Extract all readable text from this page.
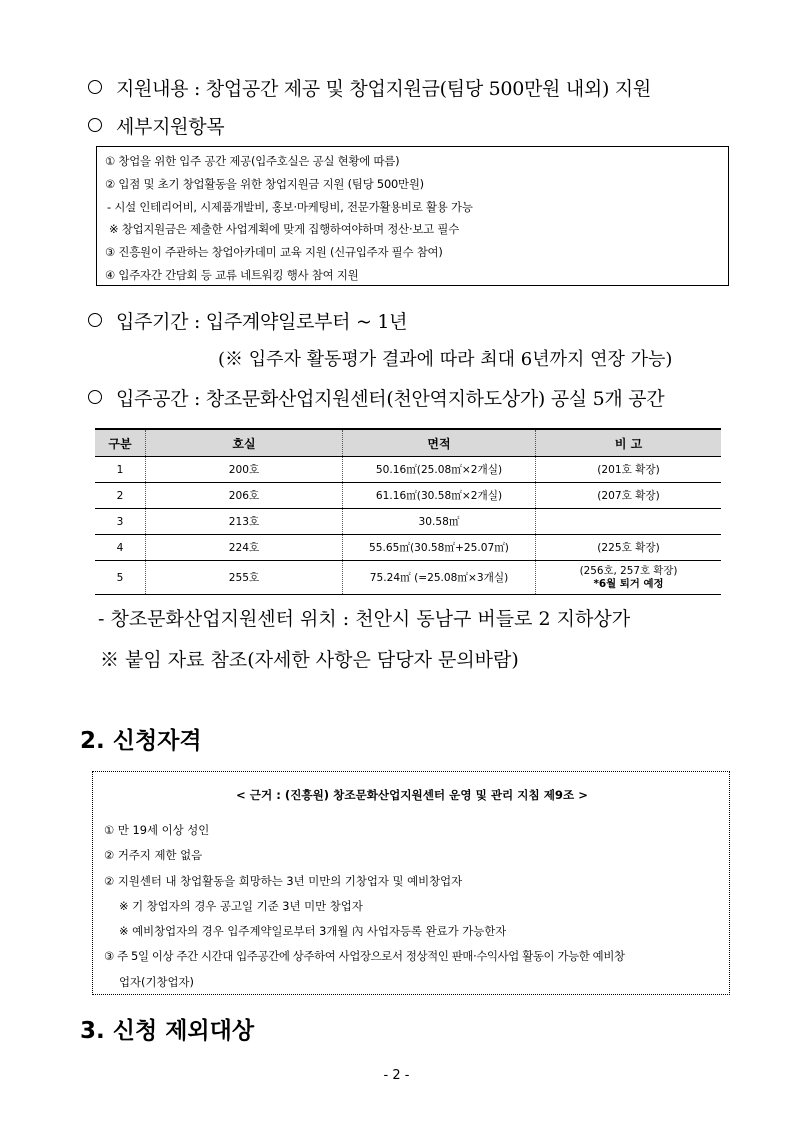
지원내용 : 창업공간 제공 및 창업지원금(팀당 500만원 내외) 지원
세부지원항목
① 창업을 위한 입주 공간 제공(입주호실은 공실 현황에 따름)
② 입점 및 초기 창업활동을 위한 창업지원금 지원 (팀당 500만원)
- 시설 인테리어비, 시제품개발비, 홍보·마케팅비, 전문가활용비로 활용 가능
※ 창업지원금은 제출한 사업계획에 맞게 집행하여야하며 정산·보고 필수
③ 진흥원이 주관하는 창업아카데미 교육 지원 (신규입주자 필수 참여)
④ 입주자간 간담회 등 교류 네트워킹 행사 참여 지원
입주기간 : 입주계약일로부터 ~ 1년
(※ 입주자 활동평가 결과에 따라 최대 6년까지 연장 가능)
입주공간 : 창조문화산업지원센터(천안역지하도상가) 공실 5개 공간
구분	호실	면적	비 고
1	200호	50.16㎡(25.08㎡×2개실)	(201호 확장)
2	206호	61.16㎡(30.58㎡×2개실)	(207호 확장)
3	213호	30.58㎡	
4	224호	55.65㎡(30.58㎡+25.07㎡)	(225호 확장)
5	255호	75.24㎡ (=25.08㎡×3개실)	(256호, 257호 확장)
*6월 퇴거 예정
- 창조문화산업지원센터 위치 : 천안시 동남구 버들로 2 지하상가
※ 붙임 자료 참조(자세한 사항은 담당자 문의바람)
2. 신청자격
< 근거 : (진흥원) 창조문화산업지원센터 운영 및 관리 지침 제9조 >
① 만 19세 이상 성인
② 거주지 제한 없음
② 지원센터 내 창업활동을 희망하는 3년 미만의 기창업자 및 예비창업자
※ 기 창업자의 경우 공고일 기준 3년 미만 창업자
※ 예비창업자의 경우 입주계약일로부터 3개월 內 사업자등록 완료가 가능한자
③ 주 5일 이상 주간 시간대 입주공간에 상주하여 사업장으로서 정상적인 판매·수익사업 활동이 가능한 예비창
업자(기창업자)
3. 신청 제외대상
- 2 -
